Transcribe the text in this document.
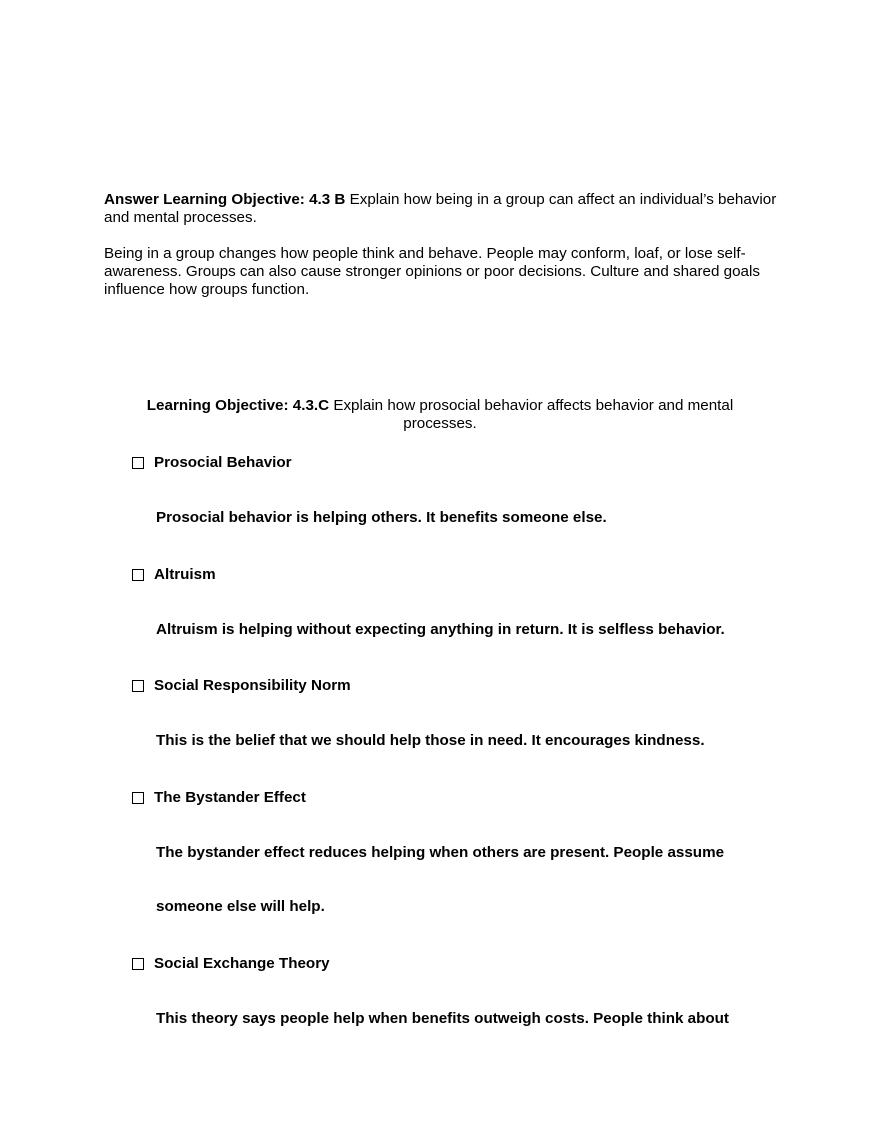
Answer Learning Objective: 4.3 B Explain how being in a group can affect an individual’s behavior and mental processes.

Being in a group changes how people think and behave. People may conform, loaf, or lose self-awareness. Groups can also cause stronger opinions or poor decisions. Culture and shared goals influence how groups function.

Learning Objective: 4.3.C Explain how prosocial behavior affects behavior and mental processes.
Prosocial Behavior
Prosocial behavior is helping others. It benefits someone else.
Altruism
Altruism is helping without expecting anything in return. It is selfless behavior.
Social Responsibility Norm
This is the belief that we should help those in need. It encourages kindness.
The Bystander Effect
The bystander effect reduces helping when others are present. People assume
someone else will help.
Social Exchange Theory
This theory says people help when benefits outweigh costs. People think about
